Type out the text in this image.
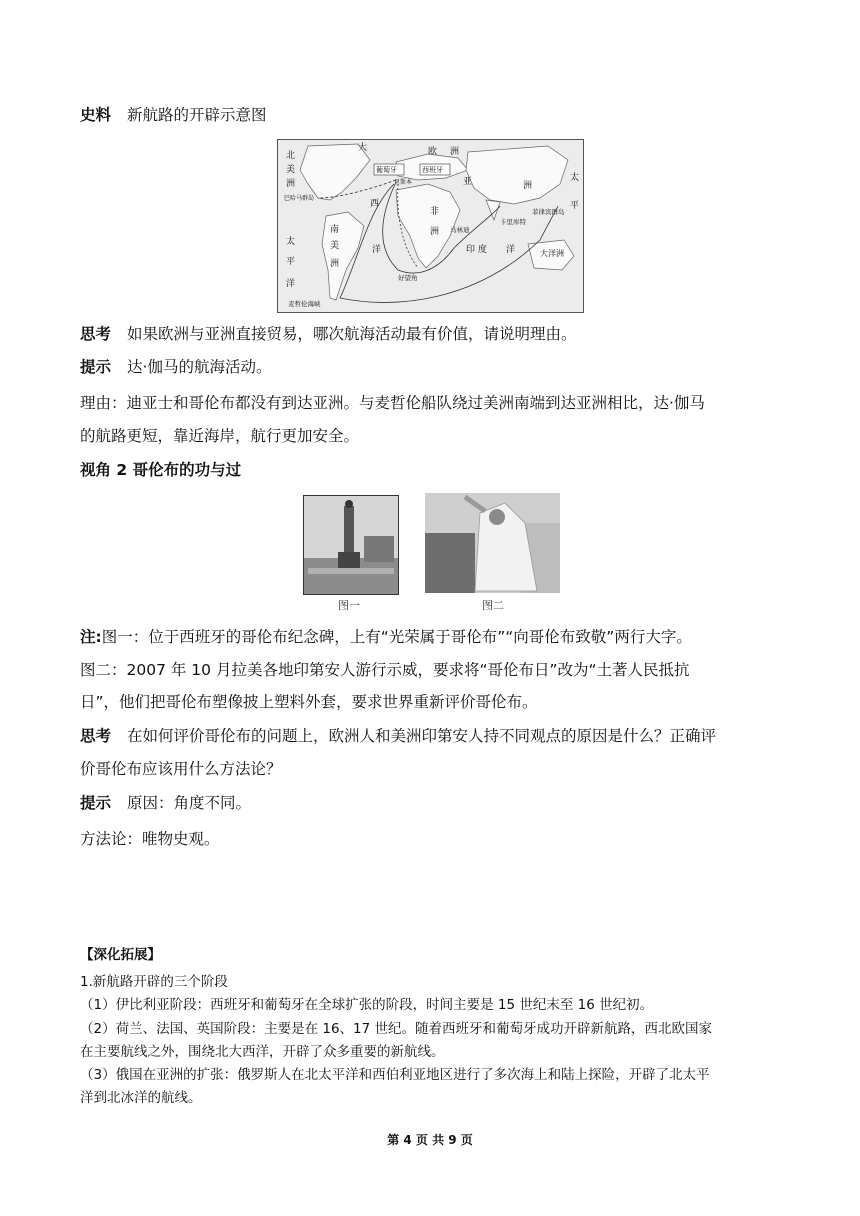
史料 新航路的开辟示意图
北
美
洲
大	欧 洲
亚	洲
太
平
葡萄牙	西班牙
里斯本
巴哈马群岛
西
非
洲 马林迪
卡里库特
菲律宾群岛
南
美
洲
太
平
洋
洋	印 度 洋	大洋洲
好望角
麦哲伦海峡
思考 如果欧洲与亚洲直接贸易，哪次航海活动最有价值，请说明理由。
提示 达·伽马的航海活动。
理由：迪亚士和哥伦布都没有到达亚洲。与麦哲伦船队绕过美洲南端到达亚洲相比，达·伽马
的航路更短，靠近海岸，航行更加安全。
视角 2 哥伦布的功与过
图一	图二
注:图一：位于西班牙的哥伦布纪念碑，上有“光荣属于哥伦布”“向哥伦布致敬”两行大字。
图二：2007 年 10 月拉美各地印第安人游行示威，要求将“哥伦布日”改为“土著人民抵抗
日”，他们把哥伦布塑像披上塑料外套，要求世界重新评价哥伦布。
思考 在如何评价哥伦布的问题上，欧洲人和美洲印第安人持不同观点的原因是什么？正确评
价哥伦布应该用什么方法论？
提示 原因：角度不同。
方法论：唯物史观。
【深化拓展】
1.新航路开辟的三个阶段
（1）伊比利亚阶段：西班牙和葡萄牙在全球扩张的阶段，时间主要是 15 世纪末至 16 世纪初。
（2）荷兰、法国、英国阶段：主要是在 16、17 世纪。随着西班牙和葡萄牙成功开辟新航路，西北欧国家
在主要航线之外，围绕北大西洋，开辟了众多重要的新航线。
（3）俄国在亚洲的扩张：俄罗斯人在北太平洋和西伯利亚地区进行了多次海上和陆上探险，开辟了北太平
洋到北冰洋的航线。
第 4 页 共 9 页
